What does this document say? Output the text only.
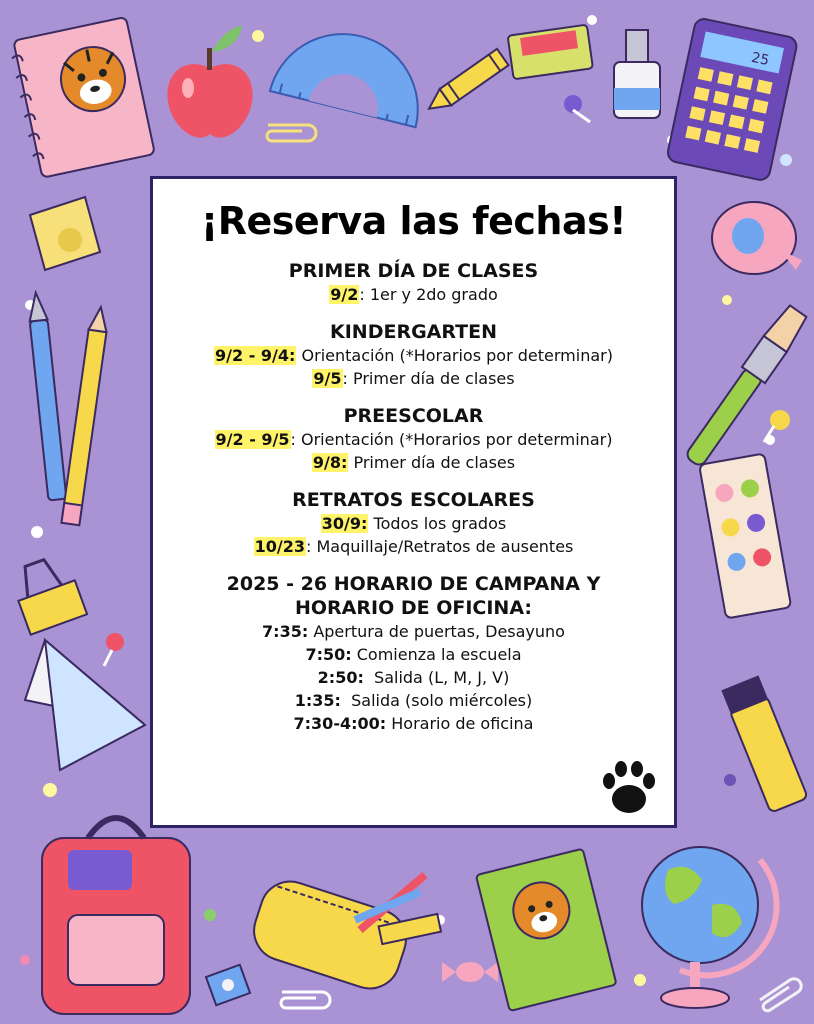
25
¡Reserva las fechas!
PRIMER DÍA DE CLASES
9/2: 1er y 2do grado
KINDERGARTEN
9/2 - 9/4: Orientación (*Horarios por determinar)
9/5: Primer día de clases
PREESCOLAR
9/2 - 9/5: Orientación (*Horarios por determinar)
9/8: Primer día de clases
RETRATOS ESCOLARES
30/9: Todos los grados
10/23: Maquillaje/Retratos de ausentes
2025 - 26 HORARIO DE CAMPANA Y
HORARIO DE OFICINA:
7:35: Apertura de puertas, Desayuno
7:50: Comienza la escuela
2:50:  Salida (L, M, J, V)
1:35:  Salida (solo miércoles)
7:30-4:00: Horario de oficina
